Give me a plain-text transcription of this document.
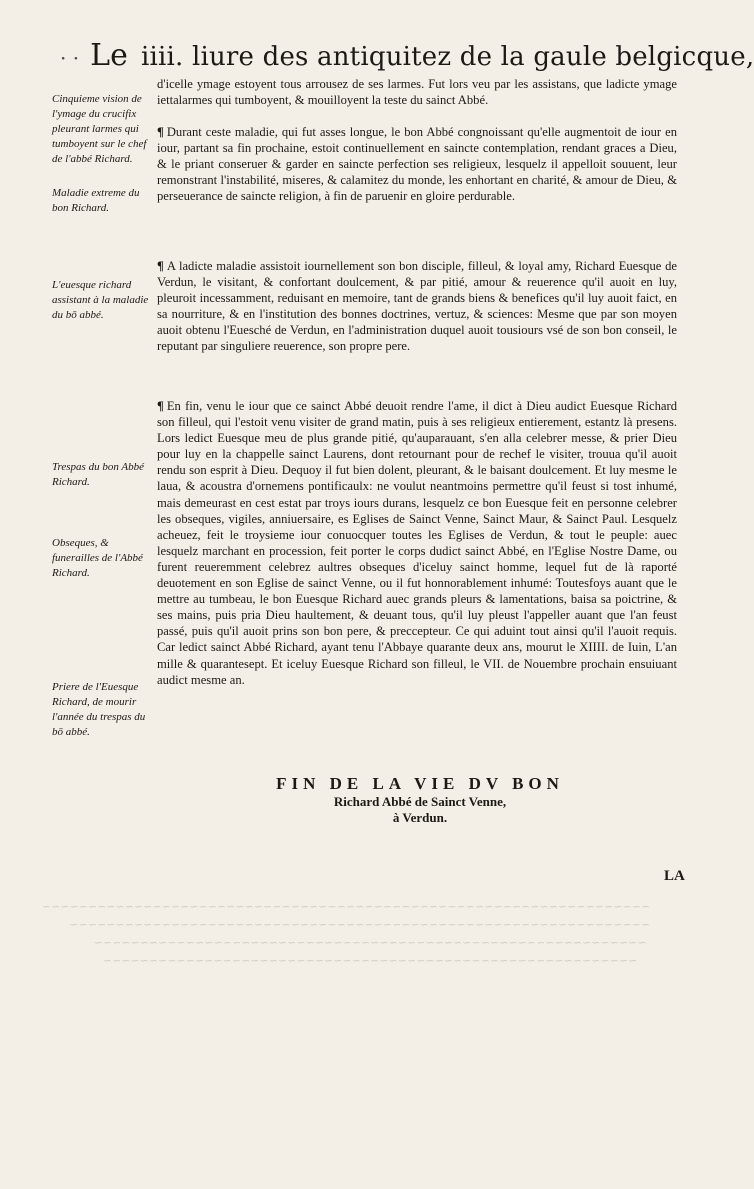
· · Le iiii. liure des antiquitez de la gaule belgicque,
Cinquieme vision de l'ymage du crucifix pleurant larmes qui tumboyent sur le chef de l'abbé Richard.
Maladie extreme du bon Richard.
L'euesque richard assistant à la maladie du bō abbé.
Trespas du bon Abbé Richard.
Obseques, & funerailles de l'Abbé Richard.
Priere de l'Euesque Richard, de mourir l'année du trespas du bō abbé.
d'icelle ymage estoyent tous arrousez de ses larmes. Fut lors veu par les assistans, que ladicte ymage iettalarmes qui tumboyent, & mouilloyent la teste du sainct Abbé.
¶ Durant ceste maladie, qui fut asses longue, le bon Abbé congnoissant qu'elle augmentoit de iour en iour, partant sa fin prochaine, estoit continuellement en saincte contemplation, rendant graces a Dieu, & le priant conseruer & garder en saincte perfection ses religieux, lesquelz il appelloit souuent, leur remonstrant l'instabilité, miseres, & calamitez du monde, les enhortant en charité, & amour de Dieu, & perseuerance de saincte religion, à fin de paruenir en gloire perdurable.
¶ A ladicte maladie assistoit iournellement son bon disciple, filleul, & loyal amy, Richard Euesque de Verdun, le visitant, & confortant doulcement, & par pitié, amour & reuerence qu'il auoit en luy, pleuroit incessamment, reduisant en memoire, tant de grands biens & benefices qu'il luy auoit faict, en sa nourriture, & en l'institution des bonnes doctrines, vertuz, & sciences: Mesme que par son moyen auoit obtenu l'Euesché de Verdun, en l'administration duquel auoit tousiours vsé de son bon conseil, le reputant par singuliere reuerence, son propre pere.
¶ En fin, venu le iour que ce sainct Abbé deuoit rendre l'ame, il dict à Dieu audict Euesque Richard son filleul, qui l'estoit venu visiter de grand matin, puis à ses religieux entierement, estantz là presens. Lors ledict Euesque meu de plus grande pitié, qu'auparauant, s'en alla celebrer messe, & prier Dieu pour luy en la chappelle sainct Laurens, dont retournant pour de rechef le visiter, trouua qu'il auoit rendu son esprit à Dieu. Dequoy il fut bien dolent, pleurant, & le baisant doulcement. Et luy mesme le laua, & acoustra d'ornemens pontificaulx: ne voulut neantmoins permettre qu'il feust si tost inhumé, mais demeurast en cest estat par troys iours durans, lesquelz ce bon Euesque feit en personne celebrer les obseques, vigiles, anniuersaire, es Eglises de Sainct Venne, Sainct Maur, & Sainct Paul. Lesquelz acheuez, feit le troysieme iour conuocquer toutes les Eglises de Verdun, & tout le peuple: auec lesquelz marchant en procession, feit porter le corps dudict sainct Abbé, en l'Eglise Nostre Dame, ou furent reueremment celebrez aultres obseques d'iceluy sainct homme, lequel fut de là raporté deuotement en son Eglise de sainct Venne, ou il fut honnorablement inhumé: Toutesfoys auant que le mettre au tumbeau, le bon Euesque Richard auec grands pleurs & lamentations, baisa sa poictrine, & ses mains, puis pria Dieu haultement, & deuant tous, qu'il luy pleust l'appeller auant que l'an feust passé, puis qu'il auoit prins son bon pere, & preccepteur. Ce qui aduint tout ainsi qu'il l'auoit requis. Car ledict sainct Abbé Richard, ayant tenu l'Abbaye quarante deux ans, mourut le XIIII. de Iuin, L'an mille & quarantesept. Et iceluy Euesque Richard son filleul, le VII. de Nouembre prochain ensuiuant audict mesme an.
FIN DE LA VIE DV BON
Richard Abbé de Sainct Venne,
à Verdun.
LA
~~~~~~~~~~~~~~~~~~~~~~~~~~~~~~~~~~~~~~~~~~~~~~~~~~~~~~~~~~~~~~~~~~
~~~~~~~~~~~~~~~~~~~~~~~~~~~~~~~~~~~~~~~~~~~~~~~~~~~~~~~~~~~~~~~
~~~~~~~~~~~~~~~~~~~~~~~~~~~~~~~~~~~~~~~~~~~~~~~~~~~~~~~~~~~~
~~~~~~~~~~~~~~~~~~~~~~~~~~~~~~~~~~~~~~~~~~~~~~~~~~~~~~~~~~
